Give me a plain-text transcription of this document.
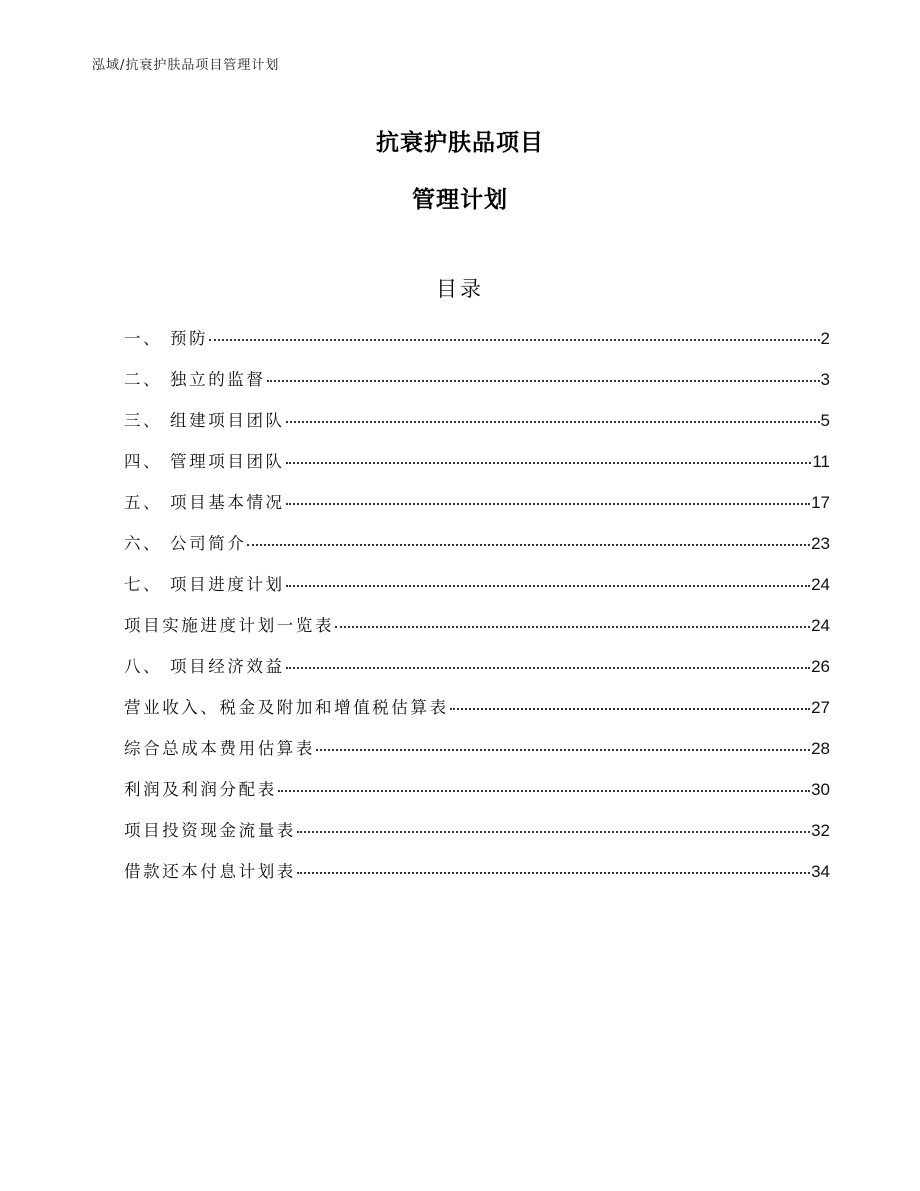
泓域/抗衰护肤品项目管理计划
抗衰护肤品项目
管理计划
目录
一、 预防	2
二、 独立的监督	3
三、 组建项目团队	5
四、 管理项目团队	11
五、 项目基本情况	17
六、 公司简介	23
七、 项目进度计划	24
项目实施进度计划一览表	24
八、 项目经济效益	26
营业收入、税金及附加和增值税估算表	27
综合总成本费用估算表	28
利润及利润分配表	30
项目投资现金流量表	32
借款还本付息计划表	34
